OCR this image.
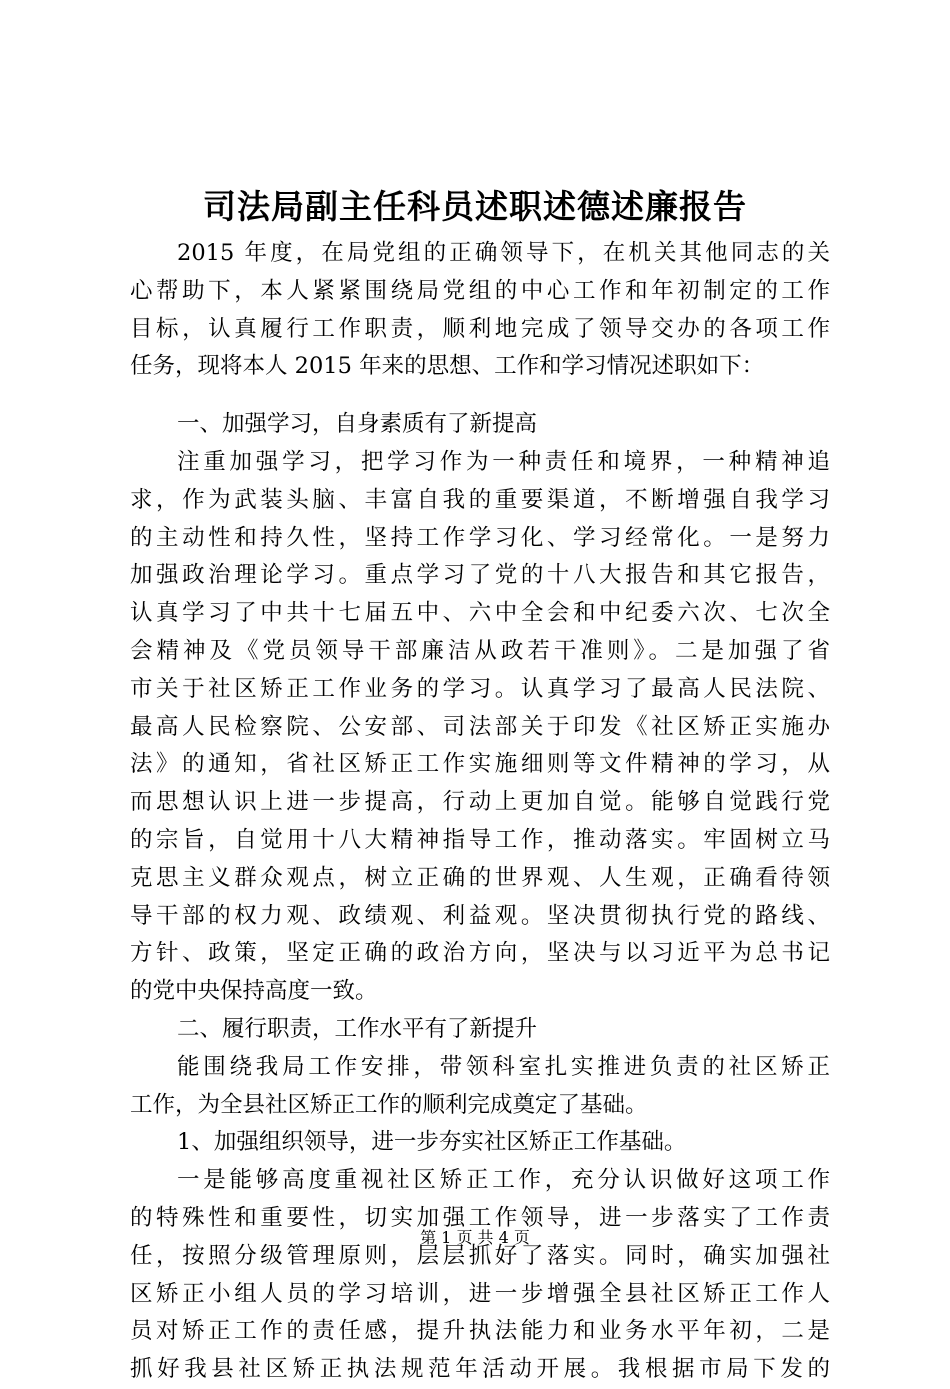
司法局副主任科员述职述德述廉报告
2015 年度，在局党组的正确领导下，在机关其他同志的关
心帮助下，本人紧紧围绕局党组的中心工作和年初制定的工作
目标，认真履行工作职责，顺利地完成了领导交办的各项工作
任务，现将本人 2015 年来的思想、工作和学习情况述职如下：
一、加强学习，自身素质有了新提高
注重加强学习，把学习作为一种责任和境界，一种精神追
求，作为武装头脑、丰富自我的重要渠道，不断增强自我学习
的主动性和持久性，坚持工作学习化、学习经常化。一是努力
加强政治理论学习。重点学习了党的十八大报告和其它报告，
认真学习了中共十七届五中、六中全会和中纪委六次、七次全
会精神及《党员领导干部廉洁从政若干准则》。二是加强了省
市关于社区矫正工作业务的学习。认真学习了最高人民法院、
最高人民检察院、公安部、司法部关于印发《社区矫正实施办
法》的通知，省社区矫正工作实施细则等文件精神的学习，从
而思想认识上进一步提高，行动上更加自觉。能够自觉践行党
的宗旨，自觉用十八大精神指导工作，推动落实。牢固树立马
克思主义群众观点，树立正确的世界观、人生观，正确看待领
导干部的权力观、政绩观、利益观。坚决贯彻执行党的路线、
方针、政策，坚定正确的政治方向，坚决与以习近平为总书记
的党中央保持高度一致。
二、履行职责，工作水平有了新提升
能围绕我局工作安排，带领科室扎实推进负责的社区矫正
工作，为全县社区矫正工作的顺利完成奠定了基础。
1、加强组织领导，进一步夯实社区矫正工作基础。
一是能够高度重视社区矫正工作，充分认识做好这项工作
的特殊性和重要性，切实加强工作领导，进一步落实了工作责
任，按照分级管理原则，层层抓好了落实。同时，确实加强社
区矫正小组人员的学习培训，进一步增强全县社区矫正工作人
员对矫正工作的责任感，提升执法能力和业务水平年初，二是
抓好我县社区矫正执法规范年活动开展。我根据市局下发的
第 1 页 共 4 页
